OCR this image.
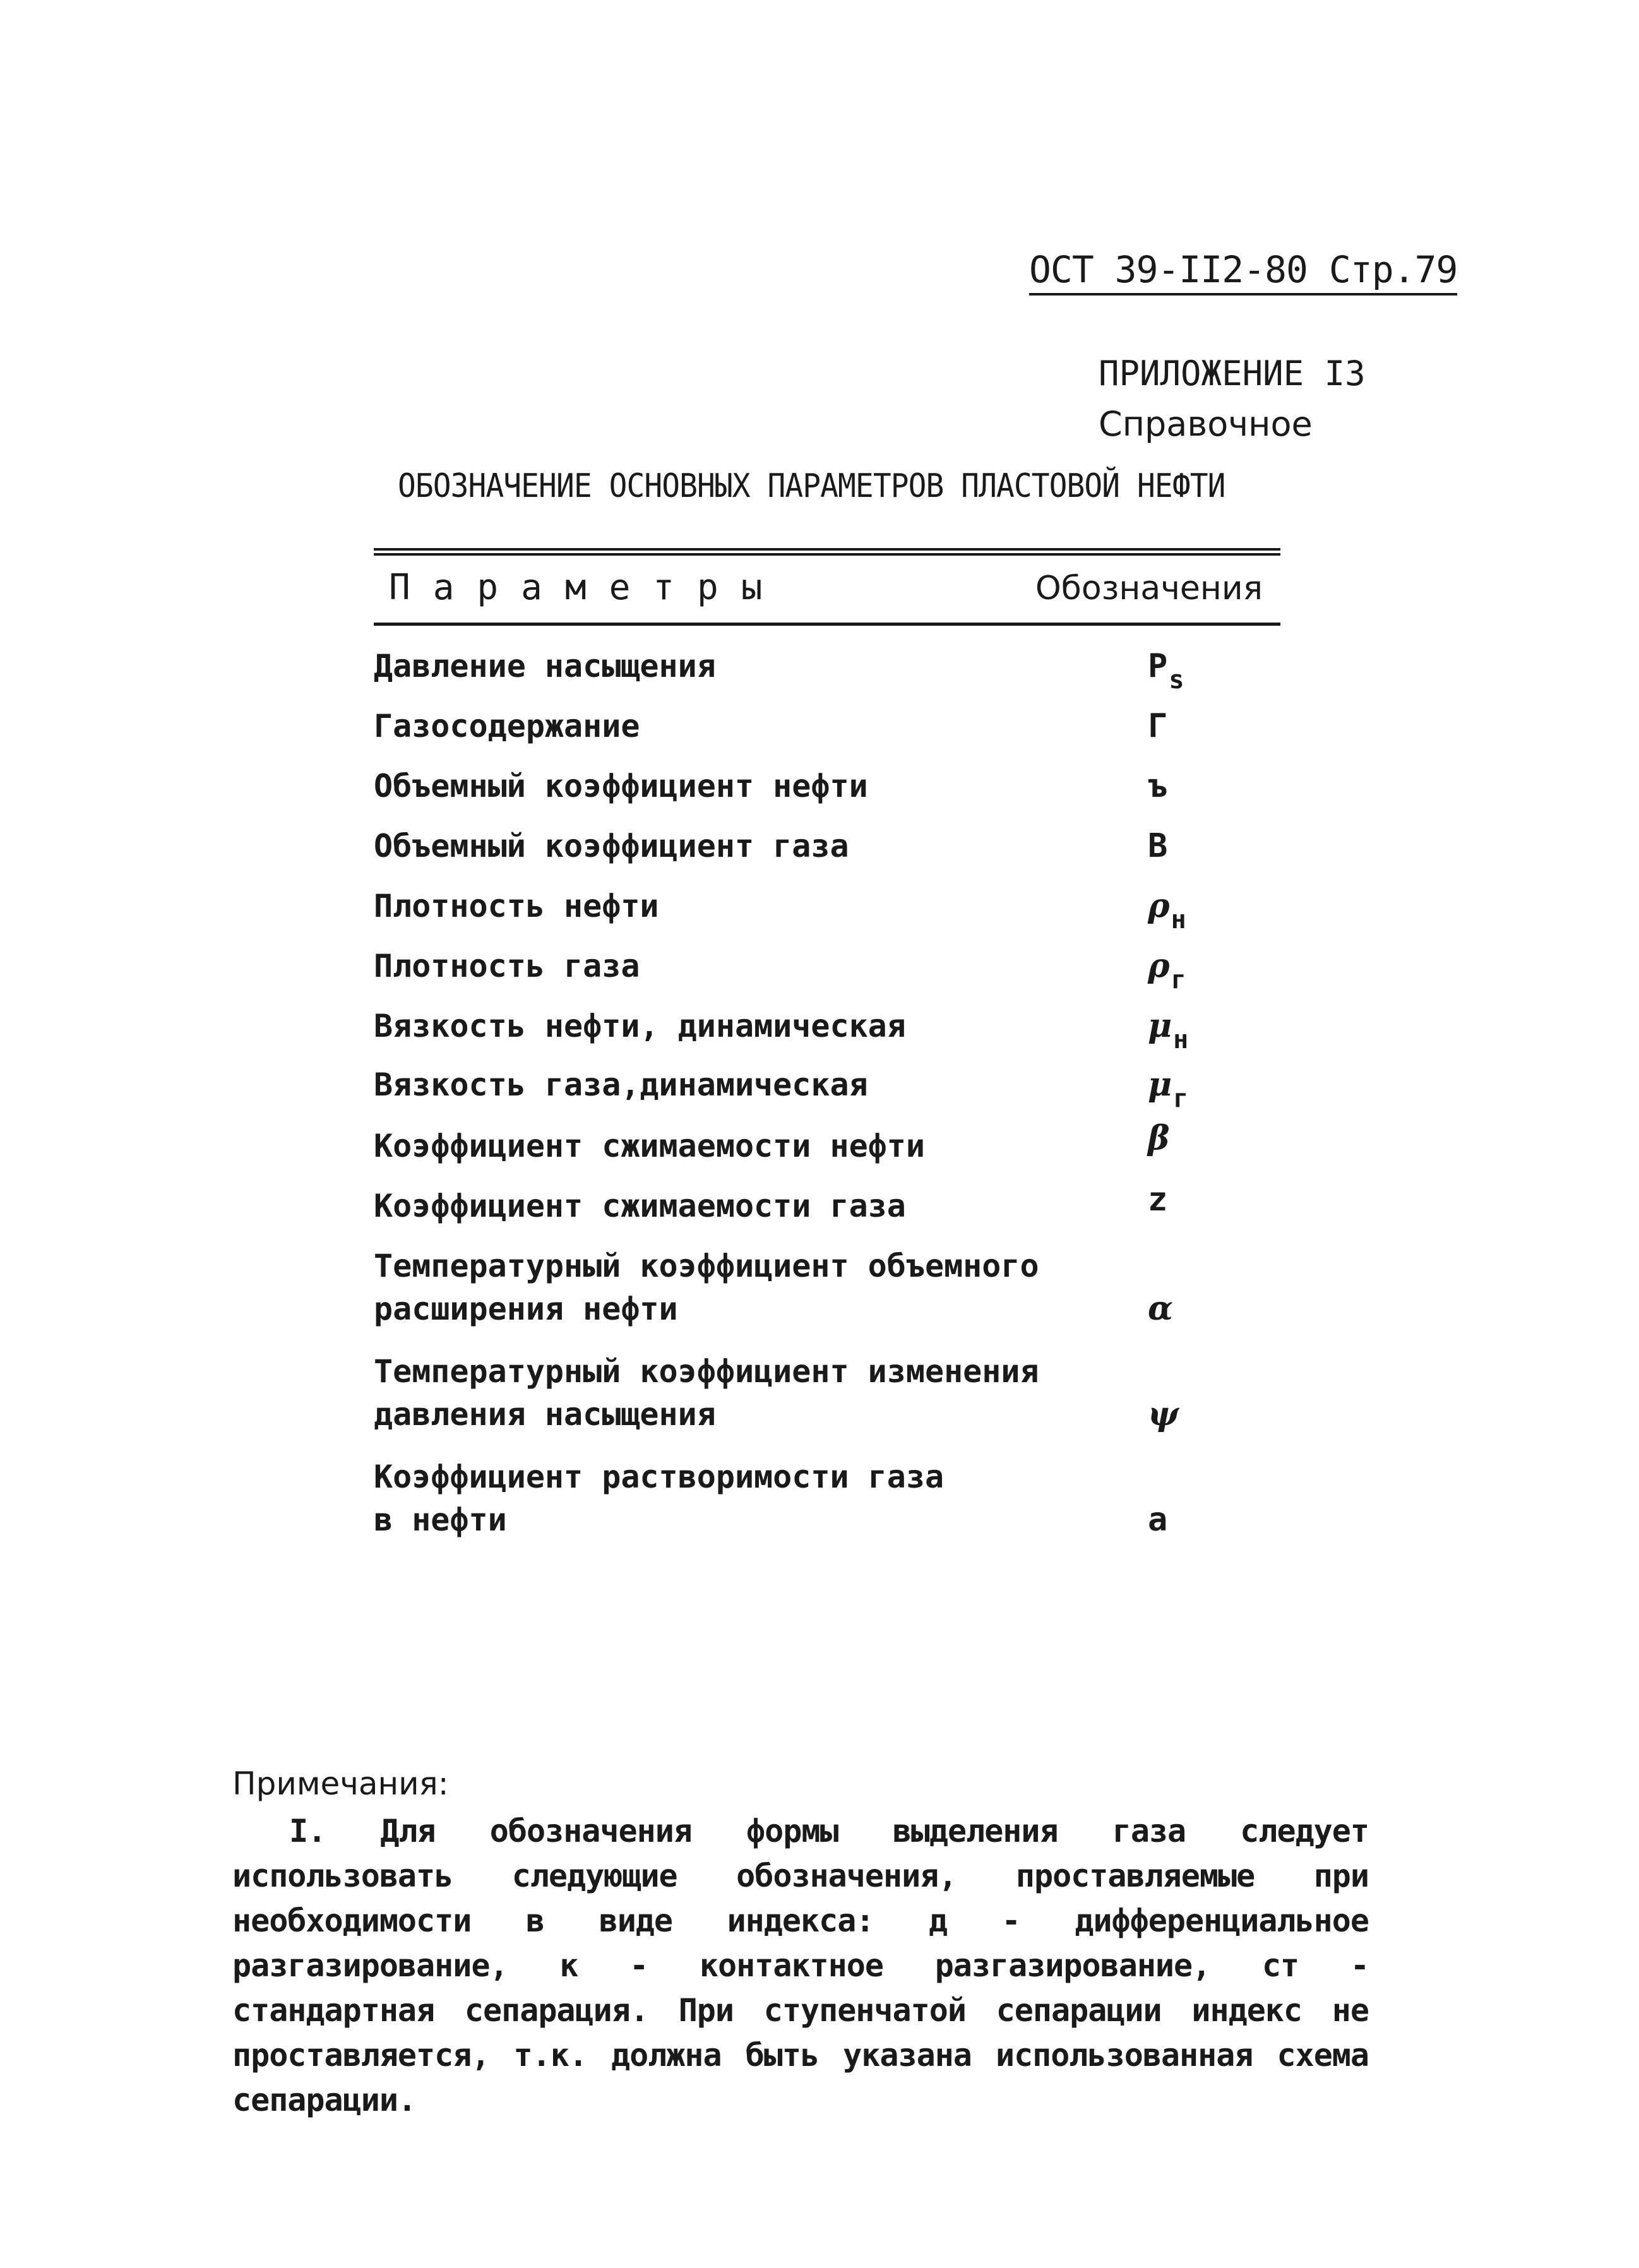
ОСТ 39-II2-80 Стр.79
ПРИЛОЖЕНИЕ I3
Справочное
ОБОЗНАЧЕНИЕ ОСНОВНЫХ ПАРАМЕТРОВ ПЛАСТОВОЙ НЕФТИ
Параметры	Обозначения
Давление насыщения	$P_s$
Газосодержание	Г
Объемный коэффициент нефти	ъ
Объемный коэффициент газа	B
Плотность нефти	$\rho_н$
Плотность газа	$\rho_г$
Вязкость нефти, динамическая	$\mu_н$
Вязкость газа,динамическая	$\mu_г$
Коэффициент сжимаемости нефти	β
Коэффициент сжимаемости газа	z
Температурный коэффициент объемного
расширения нефти	α
Температурный коэффициент изменения
давления насыщения	ψ
Коэффициент растворимости газа
в нефти	a
Примечания:
I. Для обозначения формы выделения газа следует использовать следующие обозначения, проставляемые при необходимости в виде индекса: д - дифференциальное разгазирование, к - контактное разгазирование, ст - стандартная сепарация. При ступенчатой сепарации индекс не проставляется, т.к. должна быть указана использованная схема сепарации.
